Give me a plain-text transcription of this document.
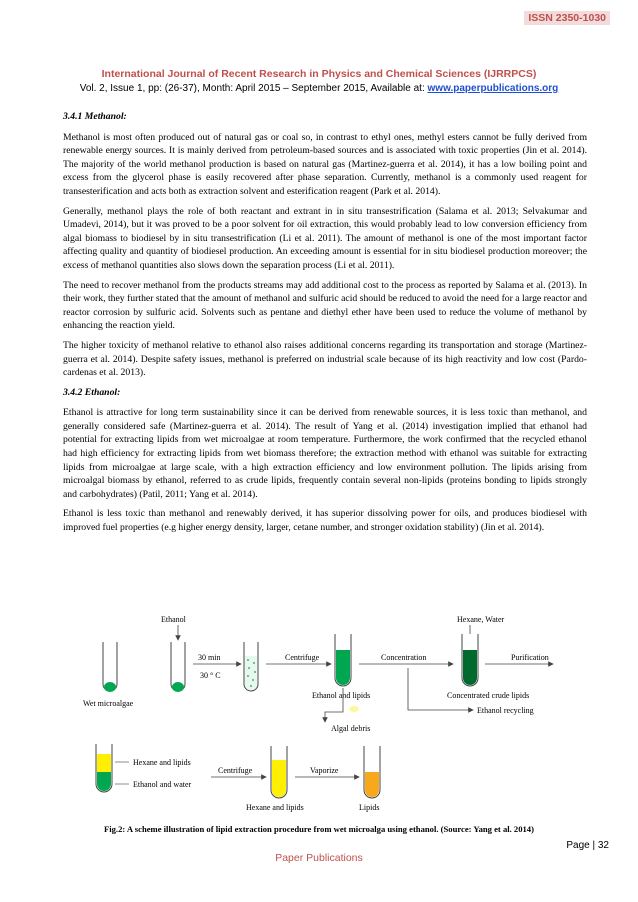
ISSN 2350-1030
International Journal of Recent Research in Physics and Chemical Sciences (IJRRPCS)
Vol. 2, Issue 1, pp: (26-37), Month: April 2015 – September 2015, Available at: www.paperpublications.org
3.4.1 Methanol:

Methanol is most often produced out of natural gas or coal so, in contrast to ethyl ones, methyl esters cannot be fully derived from renewable energy sources. It is mainly derived from petroleum-based sources and is associated with toxic properties (Jin et al. 2014). The majority of the world methanol production is based on natural gas (Martinez-guerra et al. 2014), it has a low boiling point and excess from the glycerol phase is easily recovered after phase separation. Currently, methanol is a commonly used reagent for transesterification and acts both as extraction solvent and esterification reagent (Park et al. 2014).

Generally, methanol plays the role of both reactant and extrant in in situ transestrification (Salama et al. 2013; Selvakumar and Umadevi, 2014), but it was proved to be a poor solvent for oil extraction, this would probably lead to low conversion efficiency from algal biomass to biodiesel by in situ transestrification (Li et al. 2011). The amount of methanol is one of the most important factor affecting quality and quantity of biodiesel production. An exceeding amount is essential for in situ biodiesel production moreover; the excess of methanol quantities also slows down the separation process (Li et al. 2011).

The need to recover methanol from the products streams may add additional cost to the process as reported by Salama et al. (2013). In their work, they further stated that the amount of methanol and sulfuric acid should be reduced to avoid the need for a large reactor and reactor corrosion by sulfuric acid. Solvents such as pentane and diethyl ether have been used to reduce the volume of methanol by enhancing the reaction yield.

The higher toxicity of methanol relative to ethanol also raises additional concerns regarding its transportation and storage (Martinez-guerra et al. 2014). Despite safety issues, methanol is preferred on industrial scale because of its high reactivity and low cost (Pardo-cardenas et al. 2013).

3.4.2 Ethanol:

Ethanol is attractive for long term sustainability since it can be derived from renewable sources, it is less toxic than methanol, and generally considered safe (Martinez-guerra et al. 2014). The result of Yang et al. (2014) investigation implied that ethanol had potential for extracting lipids from wet microalgae at room temperature. Furthermore, the work confirmed that the recycled ethanol had high efficiency for extracting lipids from wet biomass therefore; the extraction method with ethanol was suitable for extracting lipids from microalgae at large scale, with a high extraction efficiency and low environment pollution. The lipids arising from microalgal biomass by ethanol, referred to as crude lipids, frequently contain several non-lipids (proteins bonding to lipids strongly and carbohydrates) (Patil, 2011; Yang et al. 2014).

Ethanol is less toxic than methanol and renewably derived, it has superior dissolving power for oils, and produces biodiesel with improved fuel properties (e.g higher energy density, larger, cetane number, and stronger oxidation stability) (Jin et al. 2014).

Wet microalgae
Ethanol
30 min
30 ° C
Centrifuge
Ethanol and lipids
Algal debris
Concentration
Hexane, Water
Concentrated crude lipids
Ethanol recycling
Purification
Hexane and lipids
Ethanol and water
Centrifuge
Hexane and lipids
Vaporize
Lipids
Fig.2: A scheme illustration of lipid extraction procedure from wet microalga using ethanol. (Source: Yang et al. 2014)
Page | 32
Paper Publications
